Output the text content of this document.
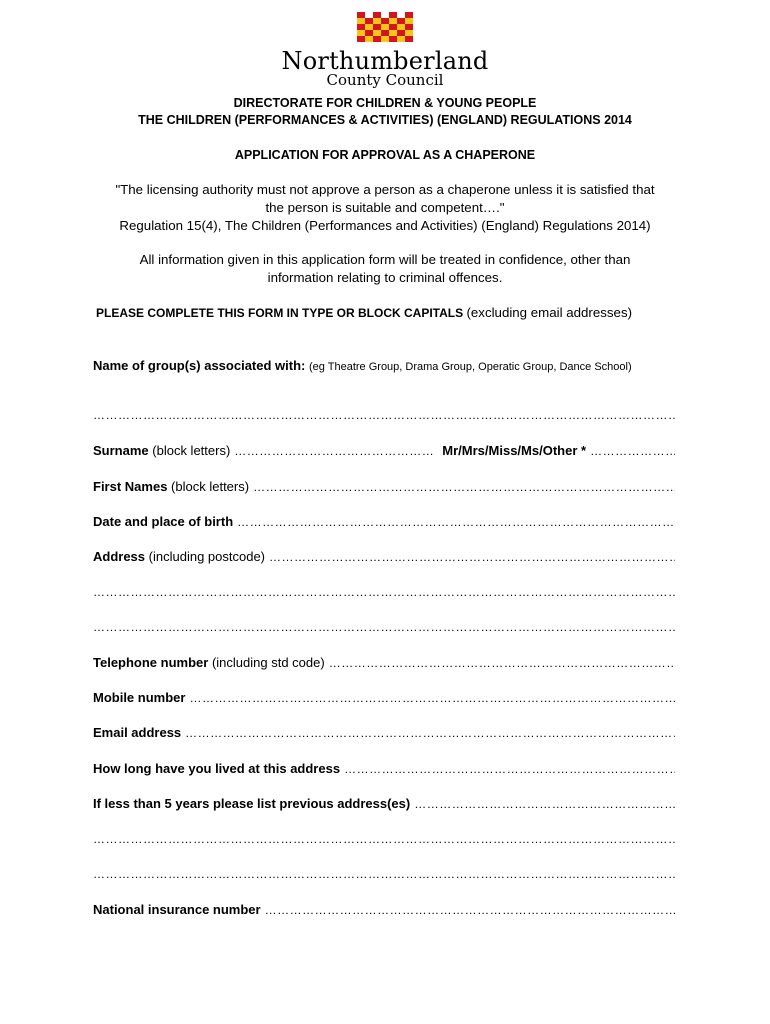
Northumberland
County Council
DIRECTORATE FOR CHILDREN & YOUNG PEOPLE
THE CHILDREN (PERFORMANCES & ACTIVITIES) (ENGLAND) REGULATIONS 2014
APPLICATION FOR APPROVAL AS A CHAPERONE
"The licensing authority must not approve a person as a chaperone unless it is satisfied that
the person is suitable and competent…."
Regulation 15(4), The Children (Performances and Activities) (England) Regulations 2014)
All information given in this application form will be treated in confidence, other than
information relating to criminal offences.
PLEASE COMPLETE THIS FORM IN TYPE OR BLOCK CAPITALS (excluding email addresses)
Name of group(s) associated with: (eg Theatre Group, Drama Group, Operatic Group, Dance School)
……………………………………………………………………………………………………………………………………………………………………………………………
Surname (block letters)
………………………………………………………………………………………………………………………………………………………………………………………	Mr/Mrs/Miss/Ms/Other *
………………………………………………………………………………………………………………………………………………………………………………………
First Names (block letters)
………………………………………………………………………………………………………………………………………………………………………………………
Date and place of birth
………………………………………………………………………………………………………………………………………………………………………………………
Address (including postcode)
………………………………………………………………………………………………………………………………………………………………………………………
……………………………………………………………………………………………………………………………………………………………………………………………
……………………………………………………………………………………………………………………………………………………………………………………………
Telephone number (including std code)
………………………………………………………………………………………………………………………………………………………………………………………
Mobile number
………………………………………………………………………………………………………………………………………………………………………………………
Email address
………………………………………………………………………………………………………………………………………………………………………………………
How long have you lived at this address
………………………………………………………………………………………………………………………………………………………………………………………
If less than 5 years please list previous address(es)
………………………………………………………………………………………………………………………………………………………………………………………
……………………………………………………………………………………………………………………………………………………………………………………………
……………………………………………………………………………………………………………………………………………………………………………………………
National insurance number
………………………………………………………………………………………………………………………………………………………………………………………
